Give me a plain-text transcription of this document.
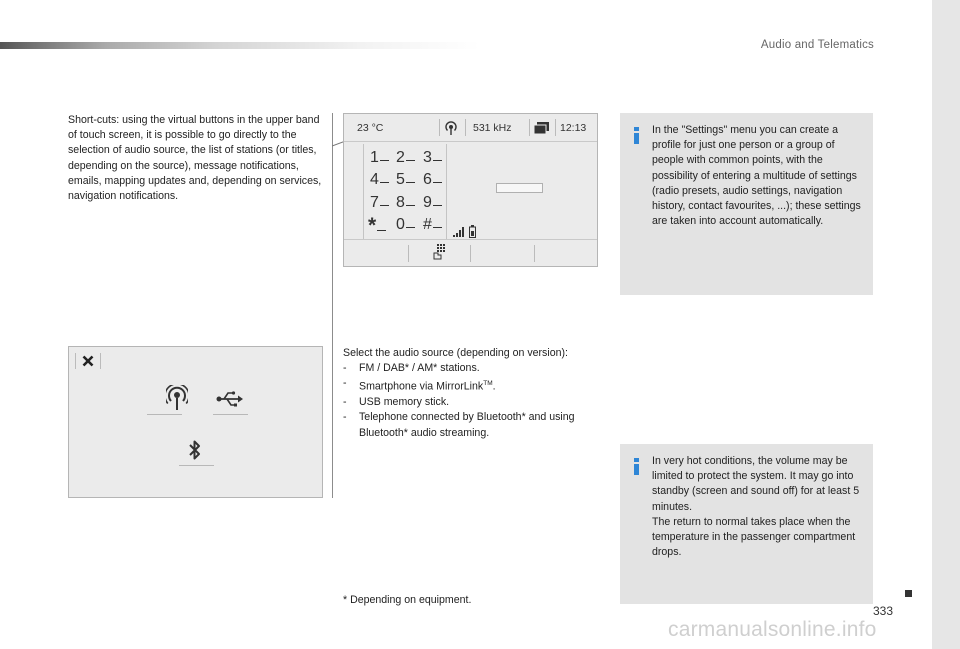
Audio and Telematics

Short-cuts: using the virtual buttons in the upper band of touch screen, it is possible to go directly to the selection of audio source, the list of stations (or titles, depending on the source), message notifications, emails, mapping updates and, depending on services, navigation notifications.

23 °C	531 kHz	12:13
1	2	3
4	5	6
7	8	9
*	0	#

Select the audio source (depending on version):

- FM / DAB* / AM* stations.
- Smartphone via MirrorLink™.
- USB memory stick.
- Telephone connected by Bluetooth* and using Bluetooth* audio streaming.

In the "Settings" menu you can create a profile for just one person or a group of people with common points, with the possibility of entering a multitude of settings (radio presets, audio settings, navigation history, contact favourites, ...); these settings are taken into account automatically.

In very hot conditions, the volume may be limited to protect the system. It may go into standby (screen and sound off) for at least 5 minutes.

The return to normal takes place when the temperature in the passenger compartment drops.

* Depending on equipment.

333
carmanualsonline.info
